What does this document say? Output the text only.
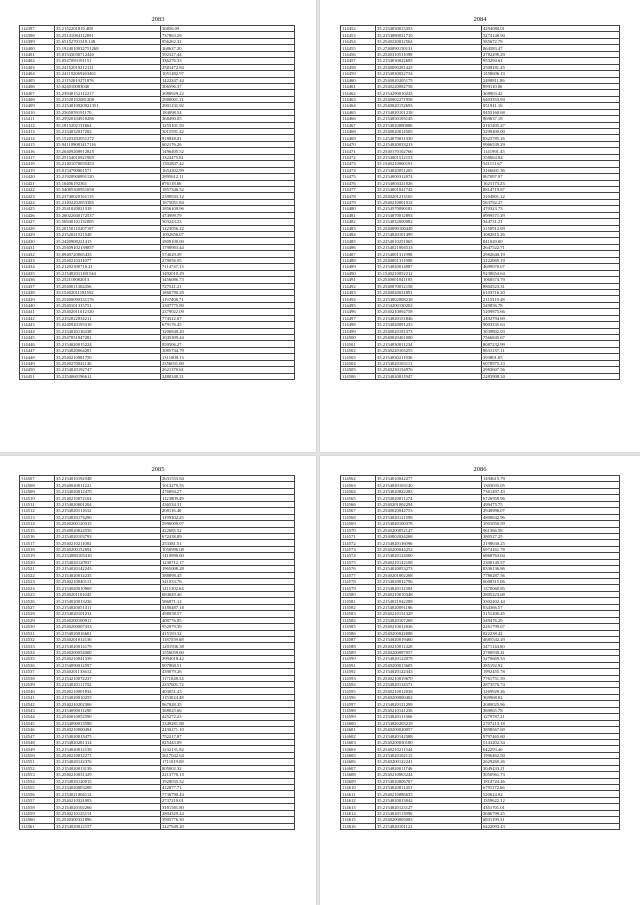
2083
114397	35.2152201819.408	36856.09
114398	35.25141084112091	737863.29
114399	35.65152701319.148	956262.32
114400	35.1924010032751268	368637.20
114401	35.01543030712440	592327.44
114402	35.0547093191151	336276.33
114403	35.24152019212131	2581472.84
114404	35.241192069263461	1051482.97
114405	35.21152019271876	1422347.44
114406	35.024010083040	306596.37
114407	35.23940152112217	2088929.22
114408	35.21520192081208	2980001.21
114409	35.2154010920921351	2901231.92
114410	35.2565059191170	184098.54
114411	35.25920104910286	368490.05
114412	35.1815202131664	1253101.50
114413	35.2154032017282	3015591.42
114414	35.15203292051272	918848.81
114415	35.941109081417116	602176.26
114416	35.26409208912825	1496405.52
114417	35.25154010921985	1324475.81
114418	35.21401070035453	1302847.42
114419	35.0154790861571	1654302.99
114420	35.21920900891120	2895612.11
114421	35.16406192361	876118.66
114422	35.54085300951658	1857346.52
114423	35.23740020161115	2398943.12
114424	35.21402202053385	1675051.84
114425	35.2541020021318	1856109.96
114426	35.26022040172537	474999.79
114427	35.56940101132005	503243.23
114428	35.20150110207187	1223056.22
114429	35.2152021521548	1092856.07
114430	35.2420908221415	1809100.69
114431	35.25409102139857	1790983.44
114432	35.0940720065435	574029.39
114433	35.2540210311077	279056.05
114434	35.21202300710.21	7114747.13
114435	35.215402011181544	1492010.29
114436	35.252110082013	1456086.73
114437	35.2540011302456	727541.21
114438	35.15402011181592	1860790.29
114439	35.25400090331176	1197408.71
114440	35.2540101315751	1307775.80
114441	35.25402011012120	2379022.09
114442	35.2152022034211	774522.67
114443	35.0240920193316	679176.45
114444	35.2154020116438	1206840.20
114445	35.2547051047281	1045309.44
114446	35.2154020015224	859506.27
114447	35.2154020064281	1085734.79
114448	35.2540210981750	1311008.13
114449	35.2540270041146	2356031.60
114450	35.2154020192747	2621370.61
114451	35.2154060196611	2480340.31
2084
114452	35.2154030015353	4294080.01
114453	35.2154080031710	3274146.90
114454	35.2540220012564	585672.79
114455	35.2740090150131	864583.47
114456	35.2540310511098	2782299.29
114457	35.2154030022685	953294.61
114458	35.2540090281425	2508181.45
114459	35.2154030032734	1458606.13
114460	35.2540020205175	2490811.86
114461	35.2540220082758	899110.06
114462	35.2154290010245	368903.42
114463	35.2540002271958	6403353.94
114464	35.2540020152693	951941.16
114465	35.2154020101218	9455160.68
114466	35.2154050103145	869637.18
114467	35.2154020080086	2161405.47
114468	35.2540020014505	3299400.00
114469	35.1254070031330	8323785.16
114470	35.2154020033213	9966539.29
114471	35.2540170102766	1141991.45
114472	35.2154001512153	358664.84
114473	35.1540210060191	541111.67
114474	35.2154020051265	3166601.36
114475	35.2154000312074	867097.97
114476	35.2154004321026	1621173.23
114477	35.2154001041742	8814719.87
114478	35.2540201213165	3104801.22
114479	35.2540210001914	563792.27
114480	35.2154570090181	470323.73
114481	35.2154070012893	8999571.29
114482	35.2154032000082	344731.21
114483	35.2540090100449	3150912.69
114484	35.2154020101499	1082815.26
114485	35.2254010251065	841020.00
114486	35.2154021004513	2647522.71
114487	35.2154001311998	2982640.19
114488	35.2540001311998	1222669.19
114489	35.2154020014087	4699070.07
114490	35.1540210052212	9238654.64
114491	35.2540001041105	1068574.79
114492	35.2540070012158	8804523.31
114493	35.2540020031891	6103716.20
114494	35.2154002008218	2115319.48
114495	35.2154200130202	549856.78
114496	35.2540210092758	5209875.66
114497	35.2154020151846	2492794.69
114498	35.2154020091235	9003335.63
114499	35.2540020181373	3039802.03
114500	35.2540020401000	7566845.67
114501	35.2154030011234	8087232.99
114502	35.2540220103255	8631137.11
114503	35.2154030211936	393801.05
114504	35.2154020163111	6078975.13
114505	35.2540230154976	2983607.56
114506	35.2154020011947	2283908.34
2085
114507	35.2154010192548	2631553.84
114508	35.2540020011221	1013279.55
114509	35.2154020012470	476894.27
114510	35.2540210072104	1123809.49
114511	35.2154020001204	436534.31
114512	35.2154020111632	208116.40
114513	35.2154020174290	1199302.25
114514	35.2540200120315	2996009.07
114515	35.2540020024556	422685.52
114516	35.2154020103793	672438.09
114517	35.2540210211082	253381.51
114518	35.2540200152694	1050996.08
114519	35.2154080103410	1410890.60
114520	35.2154020120937	1230712.17
114521	35.2154020142243	1965008.28
114522	35.2154020012235	388898.45
114523	35.2540210040113	341033.76
114524	35.2154020010969	1211302.64
114525	35.2540201101045	684049.46
114526	35.2154020013236	586871.12
114527	35.2154020051311	3180487.18
114528	35.2154020101211	498958.57
114529	35.2540200100911	408776.85
114530	35.2540200007433	952979.39
114531	35.2154020016601	415193.32
114532	35.2540201012136	1187559.68
114533	35.2154020014179	1201936.38
114534	35.2540200054000	1556059.60
114535	35.2540210041339	2994018.42
114536	35.2154090012597	907868.51
114537	35.2540201133612	439079.26
114538	35.2154210072237	1171048.34
114539	35.2154020111702	2337601.72
114540	35.2540210001834	403051.43
114541	35.2154020010255	1153024.48
114542	35.2540210202306	967828.35
114543	35.2154090011290	368025.66
114544	35.2540010052590	425272.23
114545	35.2154090013588	1349281.88
114546	35.2540210000494	2430271.10
114547	35.2154020013475	752217.87
114548	35.2154020281314	825443.09
114549	35.2154020012139	1232131.82
114550	35.2540210012271	3617042.64
114551	35.2154020122376	1711019.08
114552	35.2154020013139	805002.32
114553	35.2540210031329	2213770.13
114554	35.2154020120015	1929035.32
114555	35.2154020003208	422877.71
114556	35.2154021004112	7736790.44
114557	35.2540210321003	2737210.01
114558	35.2154020102266	3181581.80
114559	35.2540210125114	2804329.44
114560	35.2540300331896	3905776.30
114561	35.2154020012157	1227949.20
2086
114562	35.2154010042277	1494615.79
114563	35.2154020103140	1303035.05
114564	35.2154020022283	7361497.43
114565	35.2154020011274	6726958.96
114566	35.2540201002294	499475.75
114567	35.2540020042753	2940996.07
114568	35.2154020121599	4800642.96
114569	35.2154040100378	1001050.59
114570	35.2540200052147	961366.58
114571	35.2540002034268	380527.25
114572	35.2154020116096	2198630.25
114573	35.2540200044252	6974161.78
114574	35.2154020124500	6868763.04
114575	35.2540210142108	2300145.57
114576	35.2154020053273	8336136.86
114577	35.2540201002268	7780287.56
114578	35.2154020012796	6608315.66
114579	35.2154020112304	1370060.85
114580	35.2540210010348	2805223.68
114581	35.2154021042289	3302202.44
114582	35.2154020091186	834366.57
114583	35.2540210131329	3151200.45
114584	35.2154020107268	349476.29
114585	35.2540210012036	2261799.67
114586	35.2540200022088	822238.42
114587	35.2154020019460	4685542.29
114588	35.2540210011420	3471144.60
114589	35.2540200087057	2780939.41
114590	35.2154020122079	3270669.33
114591	35.2540200013605	385192.92
114592	35.2154020122345	1992455.78
114593	35.2540210019670	7761751.59
114594	35.2154020114371	2873576.74
114595	35.2540210012038	1269929.26
114596	35.2540200000402	369968.02
114597	35.2154020121299	2080025.96
114598	35.2540210141236	369065.78
114599	35.2154020111366	1279787.21
114600	35.2154020203219	2707213.18
114601	35.2540200020057	3898567.69
114602	35.2154020142588	9797465.60
114603	35.2540200030180	5143202.34
114604	35.2540210211544	642293.46
114605	35.2154020102115	1996462.50
114606	35.2540200122241	2629269.26
114607	35.2154020011746	3049433.21
114608	35.2540210063244	3050961.73
114609	35.2154020006707	1814724.46
114610	35.2154020011451	6791172.66
114611	35.2540210086655	520624.02
114612	35.2154020013042	1359622.12
114613	35.2154020123127	4351701.01
114614	35.2154020113996	3686799.25
114615	35.2540200005003	6831199.31
114616	35.2154020101121	6422093.43
